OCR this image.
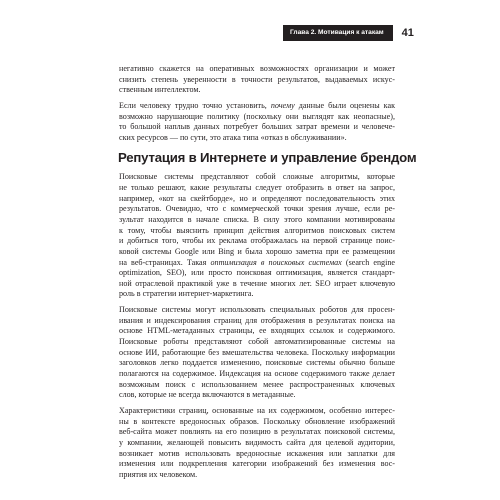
Глава 2. Мотивация к атакам	41
негативно скажется на оперативных возможностях организации и может
снизить степень уверенности в точности результатов, выдаваемых искус-
ственным интеллектом.
Если человеку трудно точно установить, почему данные были оценены как
возможно нарушающие политику (поскольку они выглядят как неопасные),
то большой наплыв данных потребует больших затрат времени и человече-
ских ресурсов — по сути, это атака типа «отказ в обслуживании».
Репутация в Интернете и управление брендом
Поисковые системы представляют собой сложные алгоритмы, которые
не только решают, какие результаты следует отобразить в ответ на запрос,
например, «кот на скейтборде», но и определяют последовательность этих
результатов. Очевидно, что с коммерческой точки зрения лучше, если ре-
зультат находится в начале списка. В силу этого компании мотивированы
к тому, чтобы выяснить принцип действия алгоритмов поисковых систем
и добиться того, чтобы их реклама отображалась на первой странице поис-
ковой системы Google или Bing и была хорошо заметна при ее размещении
на веб-страницах. Такая оптимизация в поисковых системах (search engine
optimization, SEO), или просто поисковая оптимизация, является стандарт-
ной отраслевой практикой уже в течение многих лет. SEO играет ключевую
роль в стратегии интернет-маркетинга.
Поисковые системы могут использовать специальных роботов для просен-
ивания и индексирования страниц для отображения в результатах поиска на
основе HTML-метаданных страницы, ее входящих ссылок и содержимого.
Поисковые роботы представляют собой автоматизированные системы на
основе ИИ, работающие без вмешательства человека. Поскольку информации
заголовков легко поддается изменению, поисковые системы обычно больше
полагаются на содержимое. Индексация на основе содержимого также делает
возможным поиск с использованием менее распространенных ключевых
слов, которые не всегда включаются в метаданные.
Характеристики страниц, основанные на их содержимом, особенно интерес-
ны в контексте вредоносных образов. Поскольку обновление изображений
веб-сайта может повлиять на его позицию в результатах поисковой системы,
у компании, желающей повысить видимость сайта для целевой аудитории,
возникает мотив использовать вредоносные искажения или заплатки для
изменения или подкрепления категории изображений без изменения вос-
приятия их человеком.
